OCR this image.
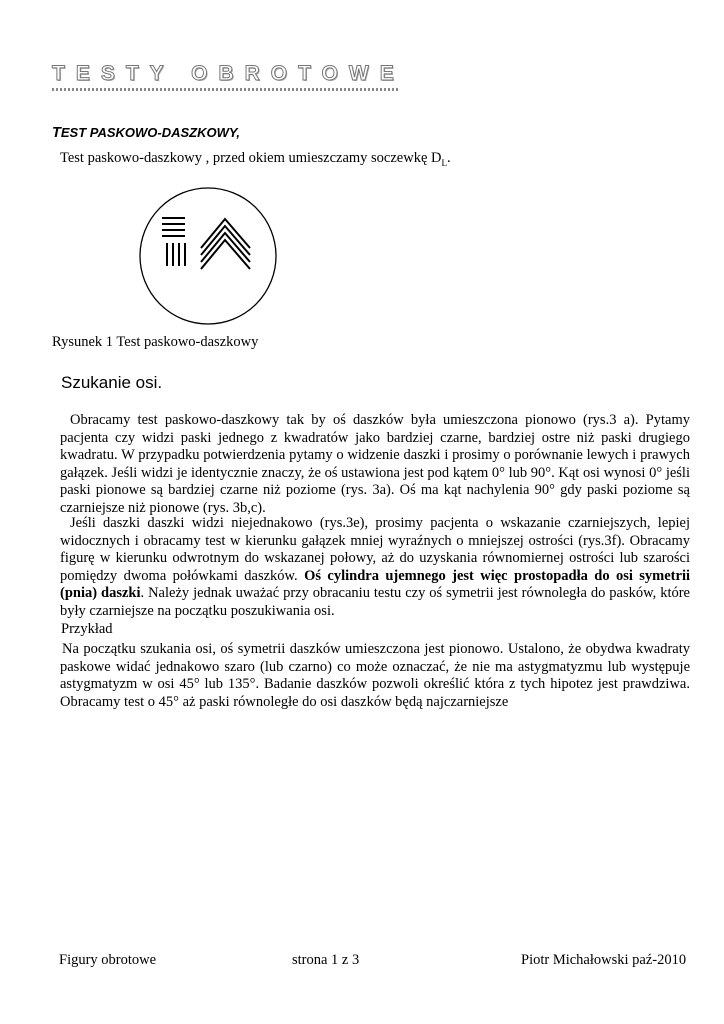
TESTY OBROTOWE
TEST PASKOWO-DASZKOWY,
Test paskowo-daszkowy , przed okiem umieszczamy soczewkę $D_L$.
Rysunek 1 Test paskowo-daszkowy
Szukanie osi.

Obracamy test paskowo-daszkowy tak by oś daszków była umieszczona pionowo (rys.3 a). Pytamy pacjenta czy widzi paski jednego z kwadratów jako bardziej czarne, bardziej ostre niż paski drugiego kwadratu. W przypadku potwierdzenia pytamy o widzenie daszki i prosimy o porównanie lewych i prawych gałązek. Jeśli widzi je identycznie znaczy, że oś ustawiona jest pod kątem 0° lub 90°. Kąt osi wynosi 0° jeśli paski pionowe są bardziej czarne niż poziome (rys. 3a). Oś ma kąt nachylenia 90° gdy paski poziome są czarniejsze niż pionowe (rys. 3b,c).

Jeśli daszki daszki widzi niejednakowo (rys.3e), prosimy pacjenta o wskazanie czarniejszych, lepiej widocznych i obracamy test w kierunku gałązek mniej wyraźnych o mniejszej ostrości (rys.3f). Obracamy figurę w kierunku odwrotnym do wskazanej połowy, aż do uzyskania równomiernej ostrości lub szarości pomiędzy dwoma połówkami daszków. Oś cylindra ujemnego jest więc prostopadła do osi symetrii (pnia) daszki. Należy jednak uważać przy obracaniu testu czy oś symetrii jest równoległa do pasków, które były czarniejsze na początku poszukiwania osi.

Przykład

Na początku szukania osi, oś symetrii daszków umieszczona jest pionowo. Ustalono, że obydwa kwadraty paskowe widać jednakowo szaro (lub czarno) co może oznaczać, że nie ma astygmatyzmu lub występuje astygmatyzm w osi 45° lub 135°. Badanie daszków pozwoli określić która z tych hipotez jest prawdziwa. Obracamy test o 45° aż paski równoległe do osi daszków będą najczarniejsze

Figury obrotowe	strona 1 z 3	Piotr Michałowski paź-2010
